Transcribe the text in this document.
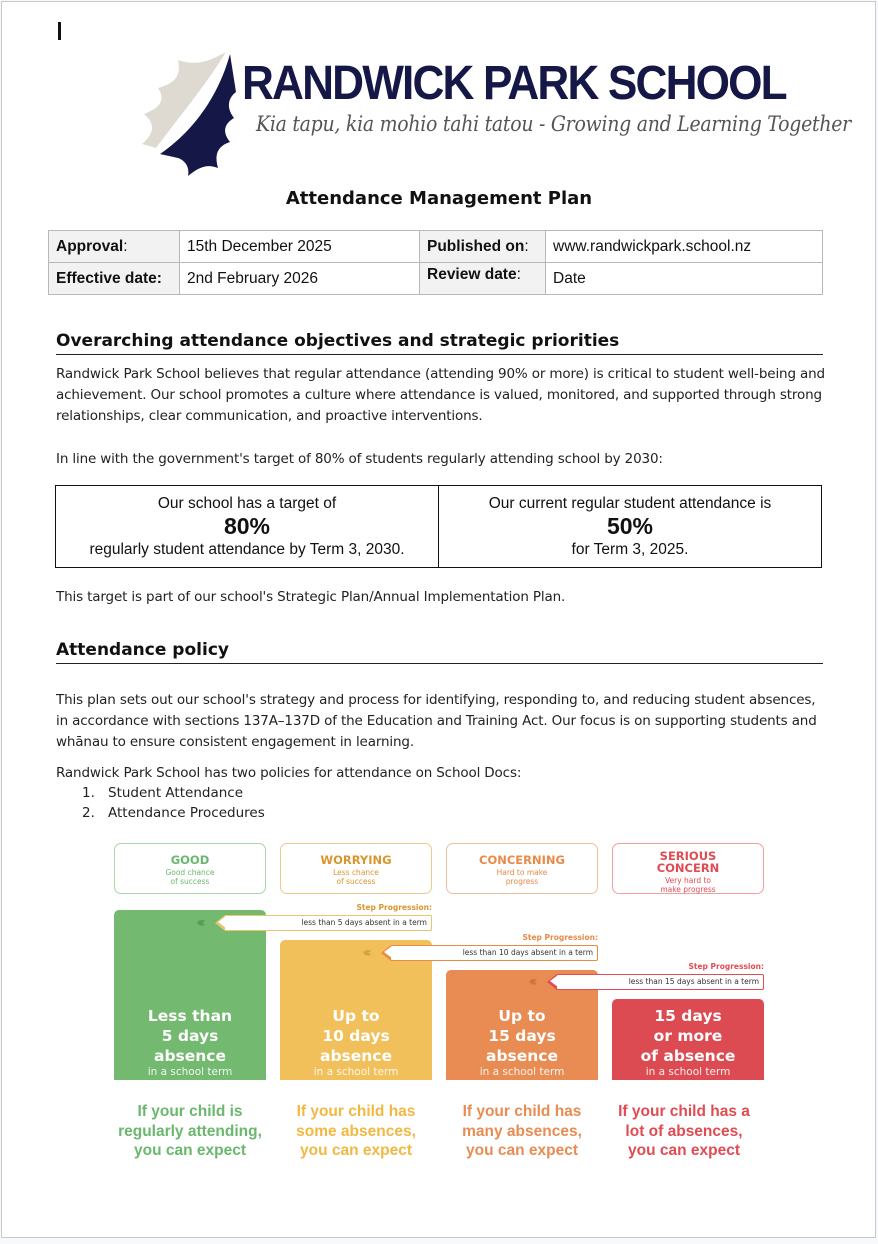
RANDWICK PARK SCHOOL
Kia tapu, kia mohio tahi tatou - Growing and Learning Together
Attendance Management Plan
Approval:	15th December 2025	Published on:	www.randwickpark.school.nz
Effective date:	2nd February 2026	Review date:	Date
Overarching attendance objectives and strategic priorities

Randwick Park School believes that regular attendance (attending 90% or more) is critical to student well-being and achievement. Our school promotes a culture where attendance is valued, monitored, and supported through strong relationships, clear communication, and proactive interventions.

In line with the government's target of 80% of students regularly attending school by 2030:

Our school has a target of
80%
regularly student attendance by Term 3, 2030.
Our current regular student attendance is
50%
for Term 3, 2025.

This target is part of our school's Strategic Plan/Annual Implementation Plan.

Attendance policy

This plan sets out our school's strategy and process for identifying, responding to, and reducing student absences, in accordance with sections 137A–137D of the Education and Training Act. Our focus is on supporting students and whānau to ensure consistent engagement in learning.

Randwick Park School has two policies for attendance on School Docs:

1. Student Attendance
2. Attendance Procedures
GOOD
Good chance
of success
WORRYING
Less chance
of success
CONCERNING
Hard to make
progress
SERIOUS
CONCERN
Very hard to
make progress
Less than
5 days
absence
in a school term
Up to
10 days
absence
in a school term
Up to
15 days
absence
in a school term
15 days
or more
of absence
in a school term
Step Progression:
less than 5 days absent in a term
Step Progression:
less than 10 days absent in a term
Step Progression:
less than 15 days absent in a term
If your child is
regularly attending,
you can expect
If your child has
some absences,
you can expect
If your child has
many absences,
you can expect
If your child has a
lot of absences,
you can expect
